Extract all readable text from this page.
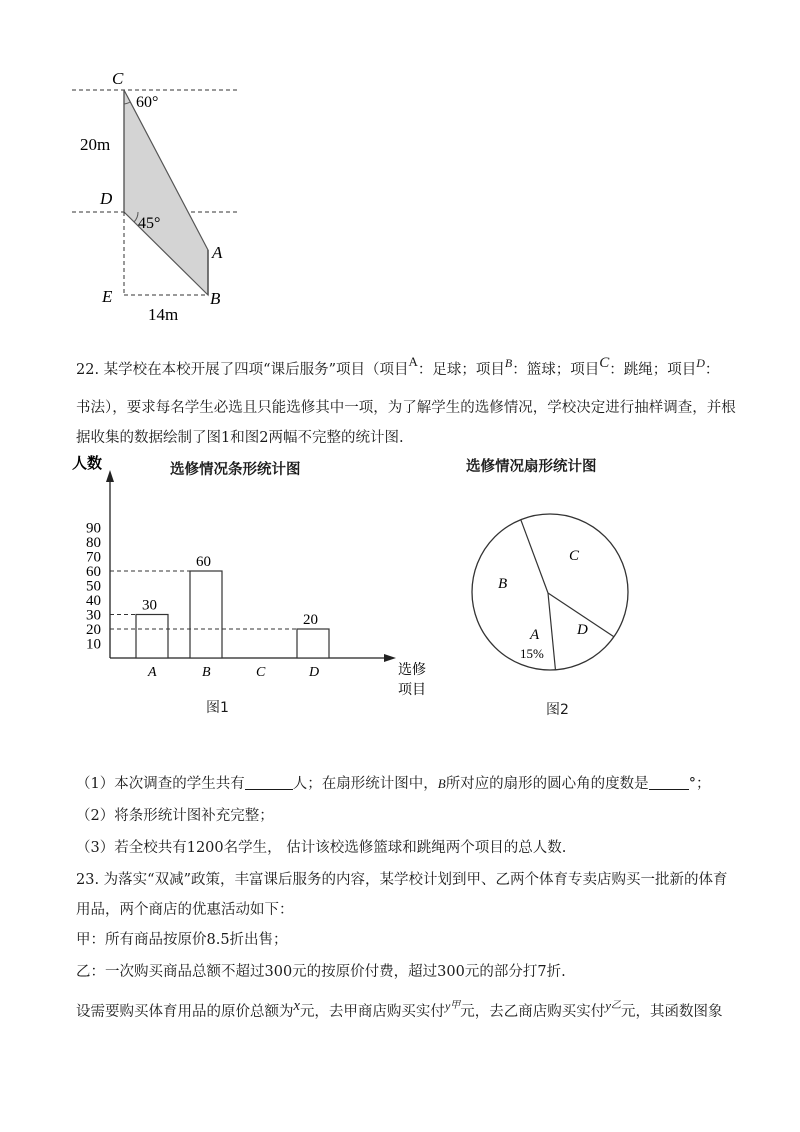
C
60°
20m
D
45°
A
E	B
14m
22. 某学校在本校开展了四项“课后服务”项目（项目A：足球；项目$^B$：篮球；项目C：跳绳；项目$^D$：
书法），要求每名学生必选且只能选修其中一项，为了解学生的选修情况，学校决定进行抽样调查，并根
据收集的数据绘制了图1和图2两幅不完整的统计图.
选修情况条形统计图	选修情况扇形统计图
人数
选修
项目
10
20
30
40
50
60
70
80
90
A
30
B
60
C	D
20
A
15%
B
C
D
图1	图2
（1）本次调查的学生共有	人；在扇形统计图中，B所对应的扇形的圆心角的度数是	°；
（2）将条形统计图补充完整；
（3）若全校共有1200名学生， 估计该校选修篮球和跳绳两个项目的总人数.
23. 为落实“双减”政策，丰富课后服务的内容，某学校计划到甲、乙两个体育专卖店购买一批新的体育
用品，两个商店的优惠活动如下：
甲：所有商品按原价8.5折出售；
乙：一次购买商品总额不超过300元的按原价付费，超过300元的部分打7折.
设需要购买体育用品的原价总额为x元，去甲商店购买实付$^{y甲}$元，去乙商店购买实付$y^乙$元，其函数图象
